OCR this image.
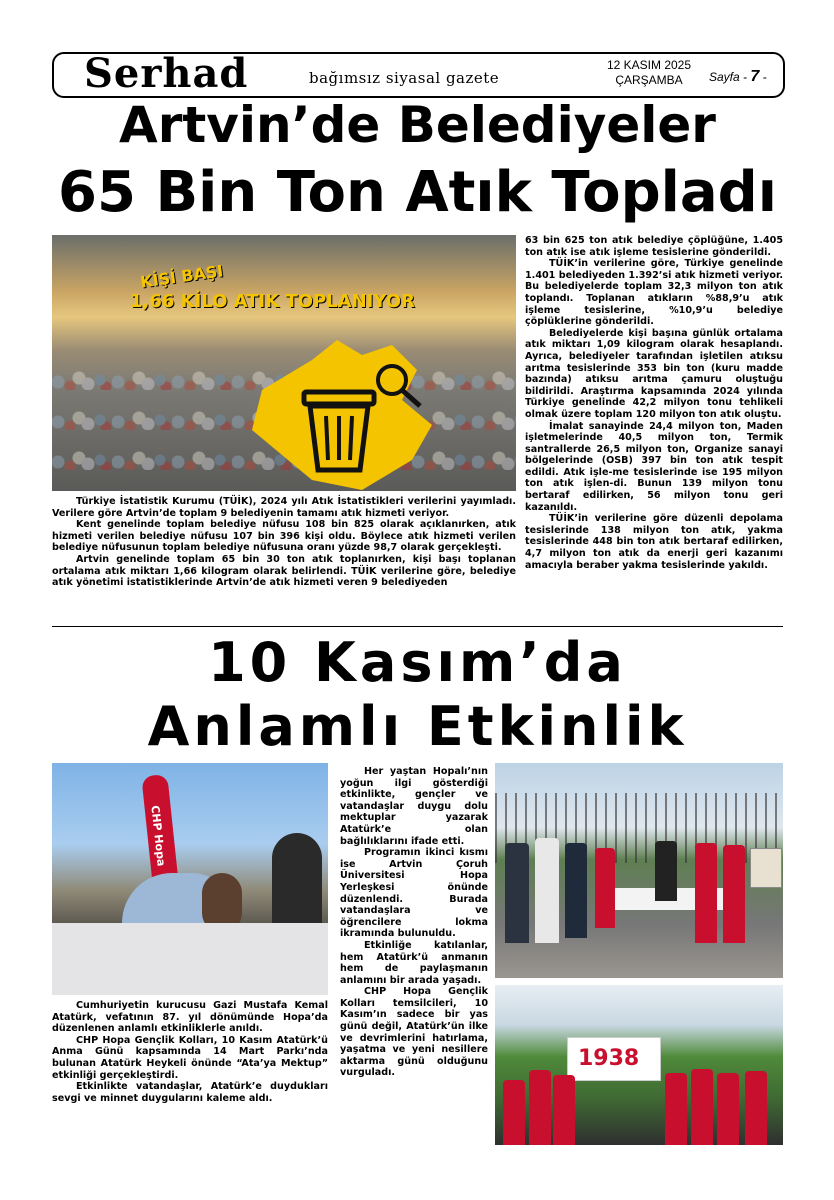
Serhad	bağımsız siyasal gazete
12 KASIM 2025
ÇARŞAMBA	Sayfa - 7 -
Artvin’de Belediyeler
65 Bin Ton Atık Topladı
KİŞİ BAŞI
1,66 KİLO ATIK TOPLANIYOR

Türkiye İstatistik Kurumu (TÜİK), 2024 yılı Atık İstatistikleri verilerini yayımladı. Verilere göre Artvin’de toplam 9 belediyenin tamamı atık hizmeti veriyor.

Kent genelinde toplam belediye nüfusu 108 bin 825 olarak açıklanırken, atık hizmeti verilen belediye nüfusu 107 bin 396 kişi oldu. Böylece atık hizmeti verilen belediye nüfusunun toplam belediye nüfusuna oranı yüzde 98,7 olarak gerçekleşti.

Artvin genelinde toplam 65 bin 30 ton atık toplanırken, kişi başı toplanan ortalama atık miktarı 1,66 kilogram olarak belirlendi. TÜİK verilerine göre, belediye atık yönetimi istatistiklerinde Artvin’de atık hizmeti veren 9 belediyeden

63 bin 625 ton atık belediye çöplüğüne, 1.405 ton atık ise atık işleme tesislerine gönderildi.

TÜİK’in verilerine göre, Türkiye genelinde 1.401 belediyeden 1.392’si atık hizmeti veriyor. Bu belediyelerde toplam 32,3 milyon ton atık toplandı. Toplanan atıkların %88,9’u atık işleme tesislerine, %10,9’u belediye çöplüklerine gönderildi.

Belediyelerde kişi başına günlük ortalama atık miktarı 1,09 kilogram olarak hesaplandı. Ayrıca, belediyeler tarafından işletilen atıksu arıtma tesislerinde 353 bin ton (kuru madde bazında) atıksu arıtma çamuru oluştuğu bildirildi. Araştırma kapsamında 2024 yılında Türkiye genelinde 42,2 milyon tonu tehlikeli olmak üzere toplam 120 milyon ton atık oluştu.

İmalat sanayinde 24,4 milyon ton, Maden işletmelerinde 40,5 milyon ton, Termik santrallerde 26,5 milyon ton, Organize sanayi bölgelerinde (OSB) 397 bin ton atık tespit edildi. Atık işle-me tesislerinde ise 195 milyon ton atık işlen-di. Bunun 139 milyon tonu bertaraf edilirken, 56 milyon tonu geri kazanıldı.

TÜİK’in verilerine göre düzenli depolama tesislerinde 138 milyon ton atık, yakma tesislerinde 448 bin ton atık bertaraf edilirken, 4,7 milyon ton atık da enerji geri kazanımı amacıyla beraber yakma tesislerinde yakıldı.

10 Kasım’da
Anlamlı Etkinlik
CHP Hopa

Cumhuriyetin kurucusu Gazi Mustafa Kemal Atatürk, vefatının 87. yıl dönümünde Hopa’da düzenlenen anlamlı etkinliklerle anıldı.

CHP Hopa Gençlik Kolları, 10 Kasım Atatürk’ü Anma Günü kapsamında 14 Mart Parkı’nda bulunan Atatürk Heykeli önünde “Ata’ya Mektup” etkinliği gerçekleştirdi.

Etkinlikte vatandaşlar, Atatürk’e duydukları sevgi ve minnet duygularını kaleme aldı.

Her yaştan Hopalı’nın yoğun ilgi gösterdiği etkinlikte, gençler ve vatandaşlar duygu dolu mektuplar yazarak Atatürk’e olan bağlılıklarını ifade etti.

Programın ikinci kısmı ise Artvin Çoruh Üniversitesi Hopa Yerleşkesi önünde düzenlendi. Burada vatandaşlara ve öğrencilere lokma ikramında bulunuldu.

Etkinliğe katılanlar, hem Atatürk’ü anmanın hem de paylaşmanın anlamını bir arada yaşadı.

CHP Hopa Gençlik Kolları temsilcileri, 10 Kasım’ın sadece bir yas günü değil, Atatürk’ün ilke ve devrimlerini hatırlama, yaşatma ve yeni nesillere aktarma günü olduğunu vurguladı.

1938
